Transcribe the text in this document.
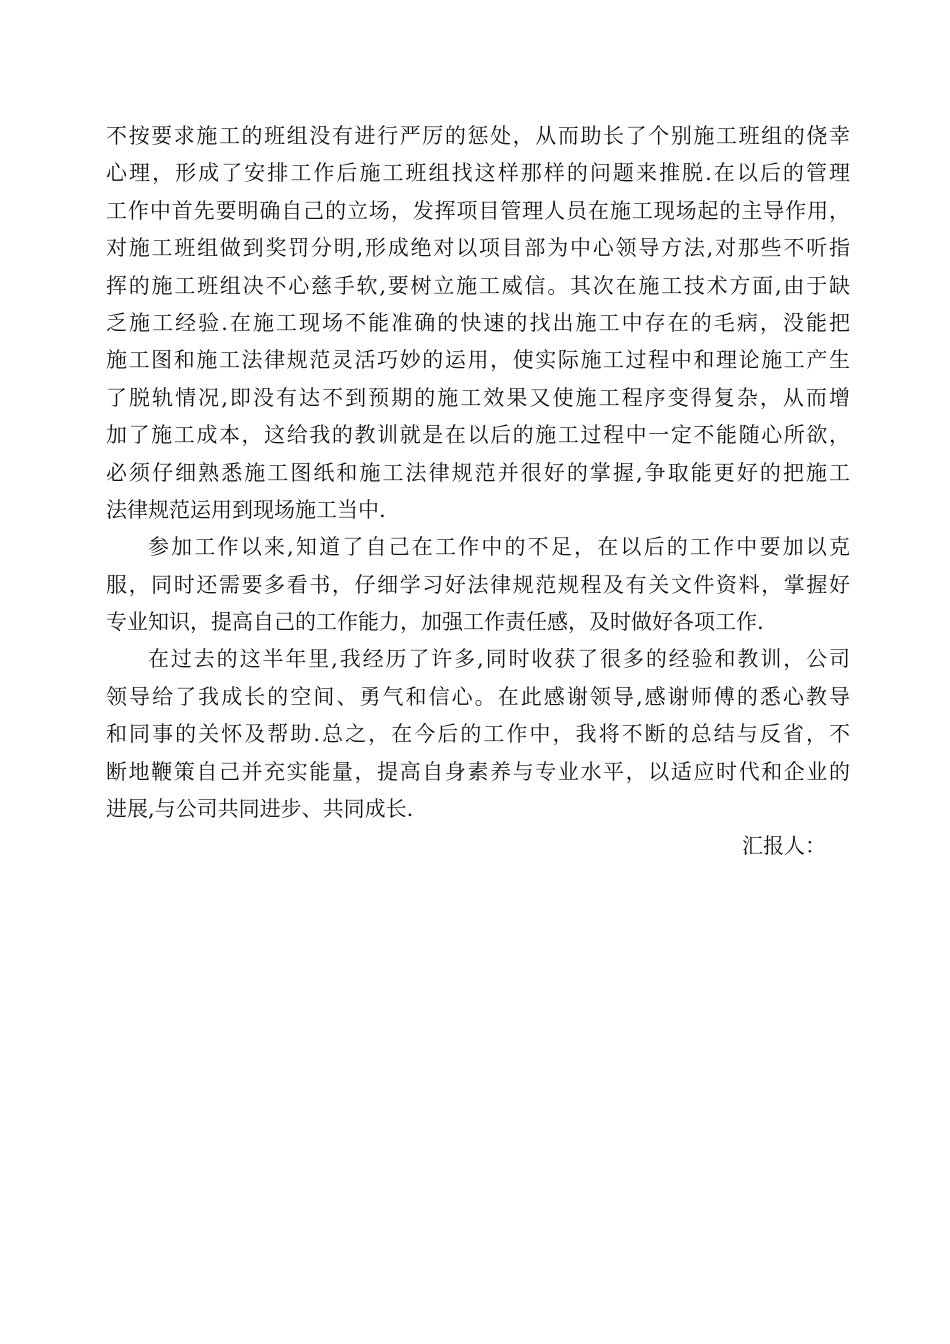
不按要求施工的班组没有进行严厉的惩处，从而助长了个别施工班组的侥幸
心理，形成了安排工作后施工班组找这样那样的问题来推脱.在以后的管理
工作中首先要明确自己的立场，发挥项目管理人员在施工现场起的主导作用，
对施工班组做到奖罚分明,形成绝对以项目部为中心领导方法,对那些不听指
挥的施工班组决不心慈手软,要树立施工威信。其次在施工技术方面,由于缺
乏施工经验.在施工现场不能准确的快速的找出施工中存在的毛病，没能把
施工图和施工法律规范灵活巧妙的运用，使实际施工过程中和理论施工产生
了脱轨情况,即没有达不到预期的施工效果又使施工程序变得复杂，从而增
加了施工成本，这给我的教训就是在以后的施工过程中一定不能随心所欲，
必须仔细熟悉施工图纸和施工法律规范并很好的掌握,争取能更好的把施工
法律规范运用到现场施工当中.
参加工作以来,知道了自己在工作中的不足，在以后的工作中要加以克
服，同时还需要多看书，仔细学习好法律规范规程及有关文件资料，掌握好
专业知识，提高自己的工作能力，加强工作责任感，及时做好各项工作.
在过去的这半年里,我经历了许多,同时收获了很多的经验和教训，公司
领导给了我成长的空间、勇气和信心。在此感谢领导,感谢师傅的悉心教导
和同事的关怀及帮助.总之，在今后的工作中，我将不断的总结与反省，不
断地鞭策自己并充实能量，提高自身素养与专业水平，以适应时代和企业的
进展,与公司共同进步、共同成长.
汇报人：
